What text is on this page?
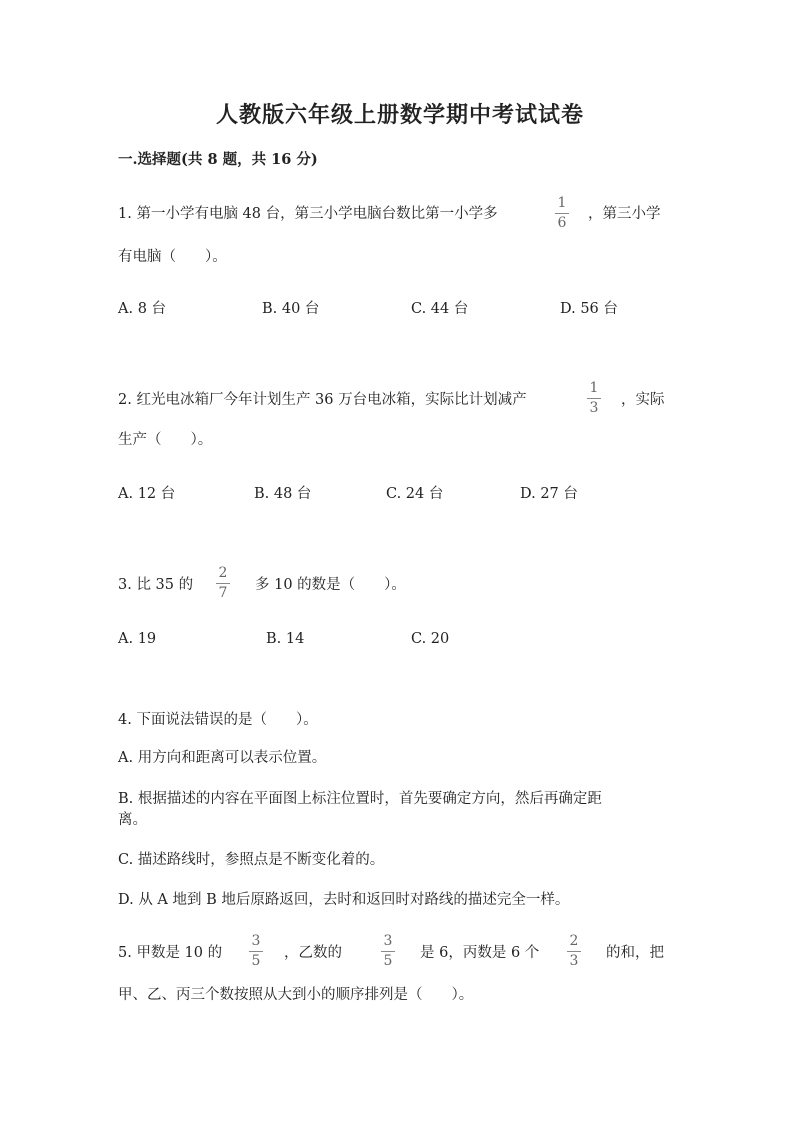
人教版六年级上册数学期中考试试卷
一.选择题(共 8 题，共 16 分)
1. 第一小学有电脑 48 台，第三小学电脑台数比第一小学多
1
6
，第三小学
有电脑（　　）。
A. 8 台	B. 40 台	C. 44 台	D. 56 台
2. 红光电冰箱厂今年计划生产 36 万台电冰箱，实际比计划减产
1
3	，实际
生产（　　）。
A. 12 台	B. 48 台	C. 24 台	D. 27 台
3. 比 35 的
2
7	多 10 的数是（　　）。
A. 19	B. 14	C. 20
4. 下面说法错误的是（　　）。
A. 用方向和距离可以表示位置。
B. 根据描述的内容在平面图上标注位置时，首先要确定方向，然后再确定距
离。
C. 描述路线时，参照点是不断变化着的。
D. 从 A 地到 B 地后原路返回，去时和返回时对路线的描述完全一样。
5. 甲数是 10 的
3
5	，乙数的
3
5	是 6，丙数是 6 个
2
3	的和，把
甲、乙、丙三个数按照从大到小的顺序排列是（　　）。
